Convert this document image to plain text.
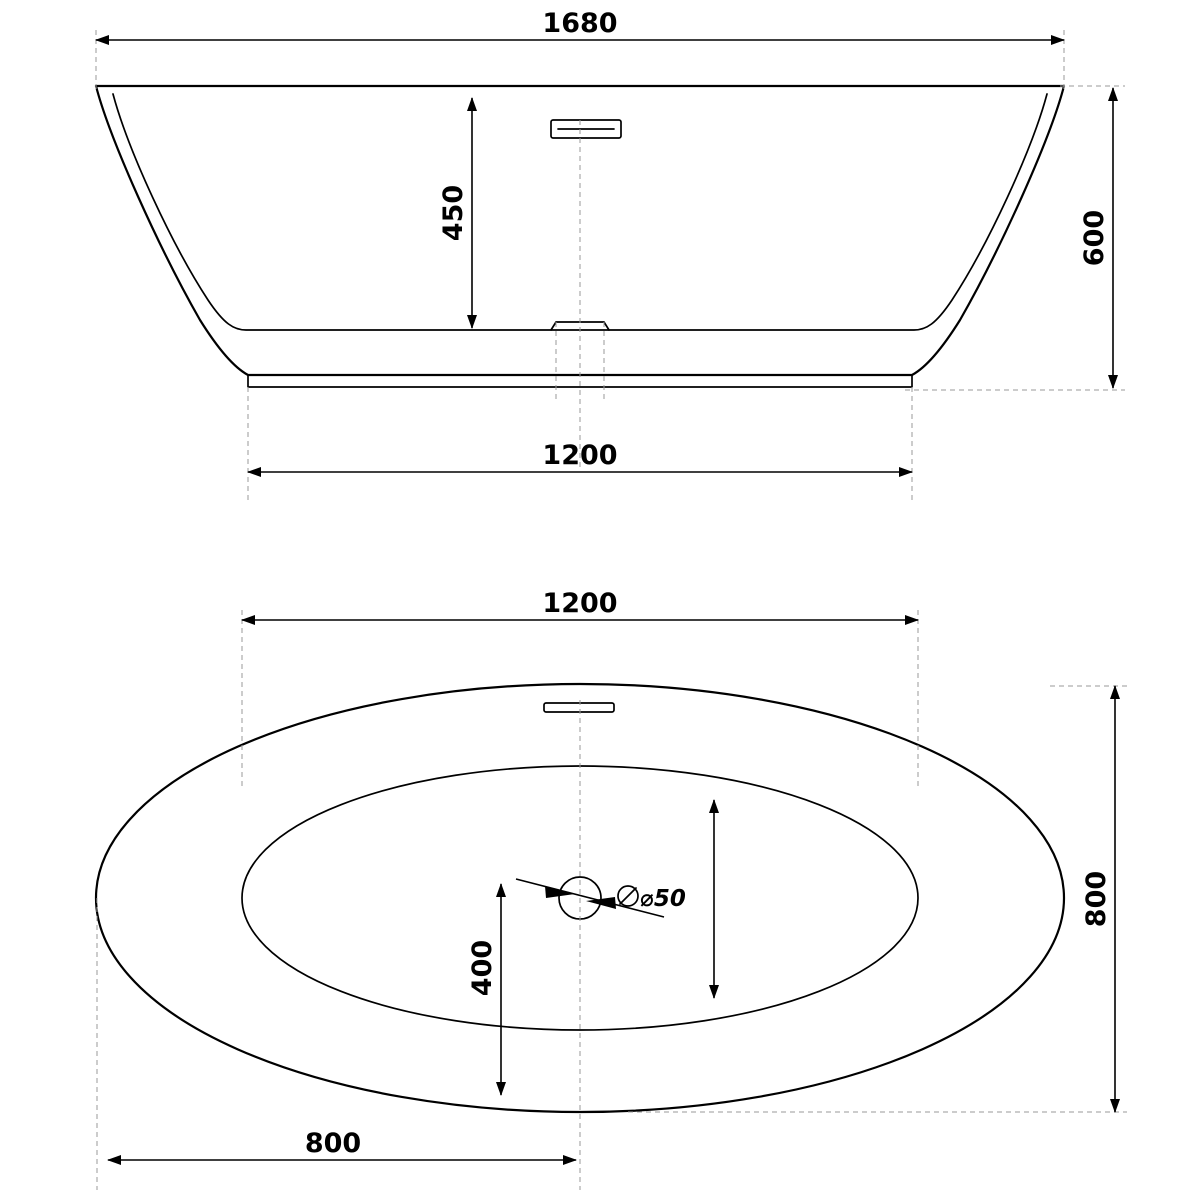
1680
450	600
1200
⌀50
1200
800
400
800
